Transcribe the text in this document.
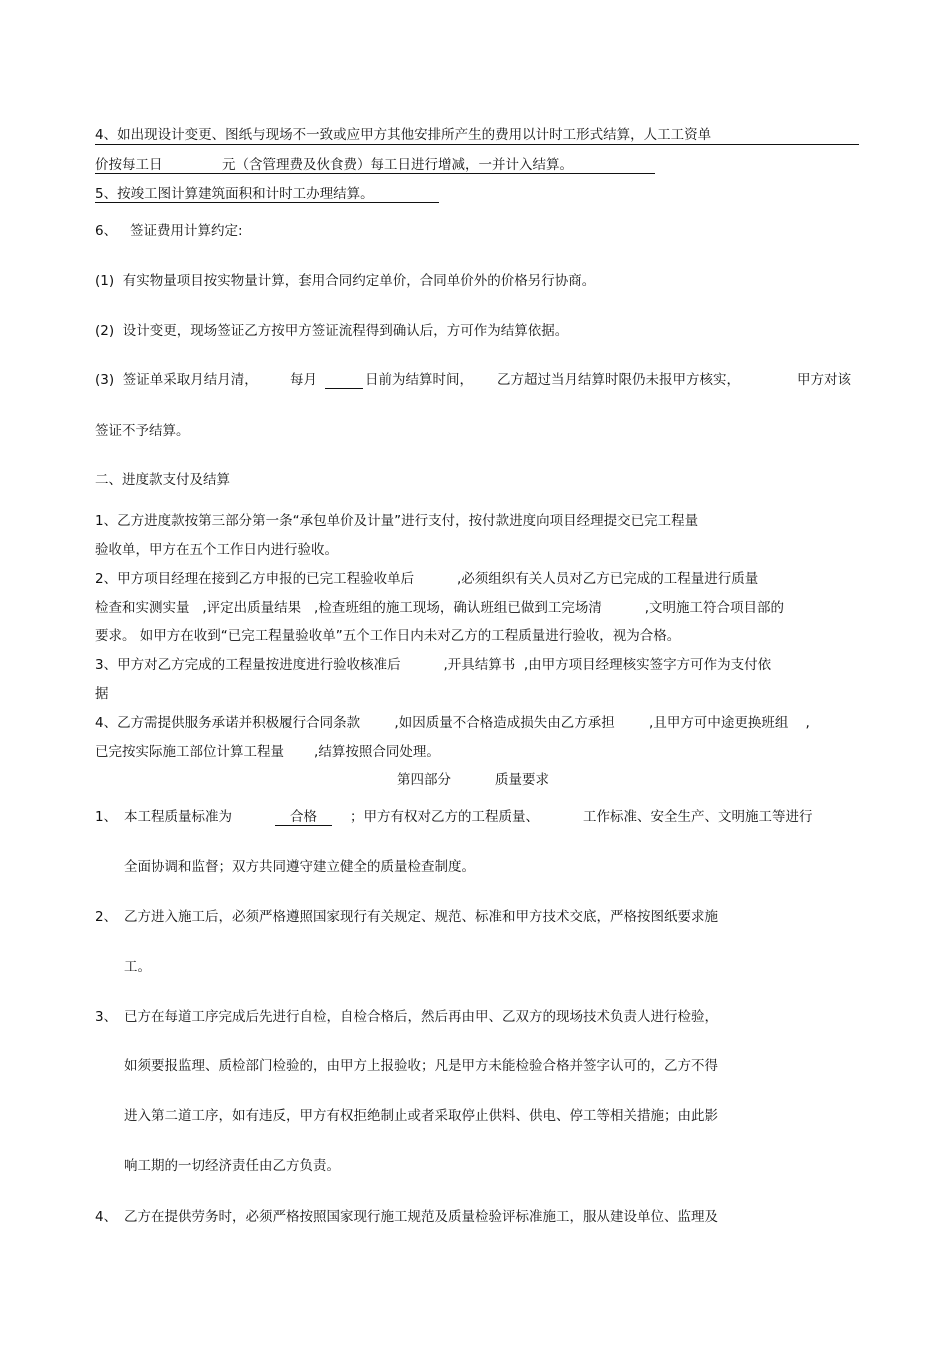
4、如出现设计变更、图纸与现场不一致或应甲方其他安排所产生的费用以计时工形式结算，人工工资单
价按每工日	元（含管理费及伙食费）每工日进行增减，一并计入结算。
5、按竣工图计算建筑面积和计时工办理结算。
6、 签证费用计算约定:
(1)  有实物量项目按实物量计算，套用合同约定单价，合同单价外的价格另行协商。
(2)  设计变更，现场签证乙方按甲方签证流程得到确认后，方可作为结算依据。
(3)  签证单采取月结月清， 每月	日前为结算时间， 乙方超过当月结算时限仍未报甲方核实，	甲方对该
签证不予结算。
二、进度款支付及结算
1、乙方进度款按第三部分第一条“承包单价及计量”进行支付，按付款进度向项目经理提交已完工程量
验收单，甲方在五个工作日内进行验收。
2、甲方项目经理在接到乙方申报的已完工程验收单后          ,必须组织有关人员对乙方已完成的工程量进行质量
检查和实测实量   ,评定出质量结果   ,检查班组的施工现场，确认班组已做到工完场清          ,文明施工符合项目部的
要求。 如甲方在收到“已完工程量验收单”五个工作日内未对乙方的工程质量进行验收，视为合格。
3、甲方对乙方完成的工程量按进度进行验收核准后          ,开具结算书  ,由甲方项目经理核实签字方可作为支付依
据
4、乙方需提供服务承诺并积极履行合同条款        ,如因质量不合格造成损失由乙方承担        ,且甲方可中途更换班组    ,
已完按实际施工部位计算工程量       ,结算按照合同处理。
第四部分	质量要求
1、 本工程质量标准为	合格 ；甲方有权对乙方的工程质量、	工作标准、安全生产、文明施工等进行
全面协调和监督；双方共同遵守建立健全的质量检查制度。
2、 乙方进入施工后，必须严格遵照国家现行有关规定、规范、标准和甲方技术交底，严格按图纸要求施
工。
3、 已方在每道工序完成后先进行自检，自检合格后，然后再由甲、乙双方的现场技术负责人进行检验，
如须要报监理、质检部门检验的，由甲方上报验收；凡是甲方未能检验合格并签字认可的，乙方不得
进入第二道工序，如有违反，甲方有权拒绝制止或者采取停止供料、供电、停工等相关措施；由此影
响工期的一切经济责任由乙方负责。
4、 乙方在提供劳务时，必须严格按照国家现行施工规范及质量检验评标准施工，服从建设单位、监理及
